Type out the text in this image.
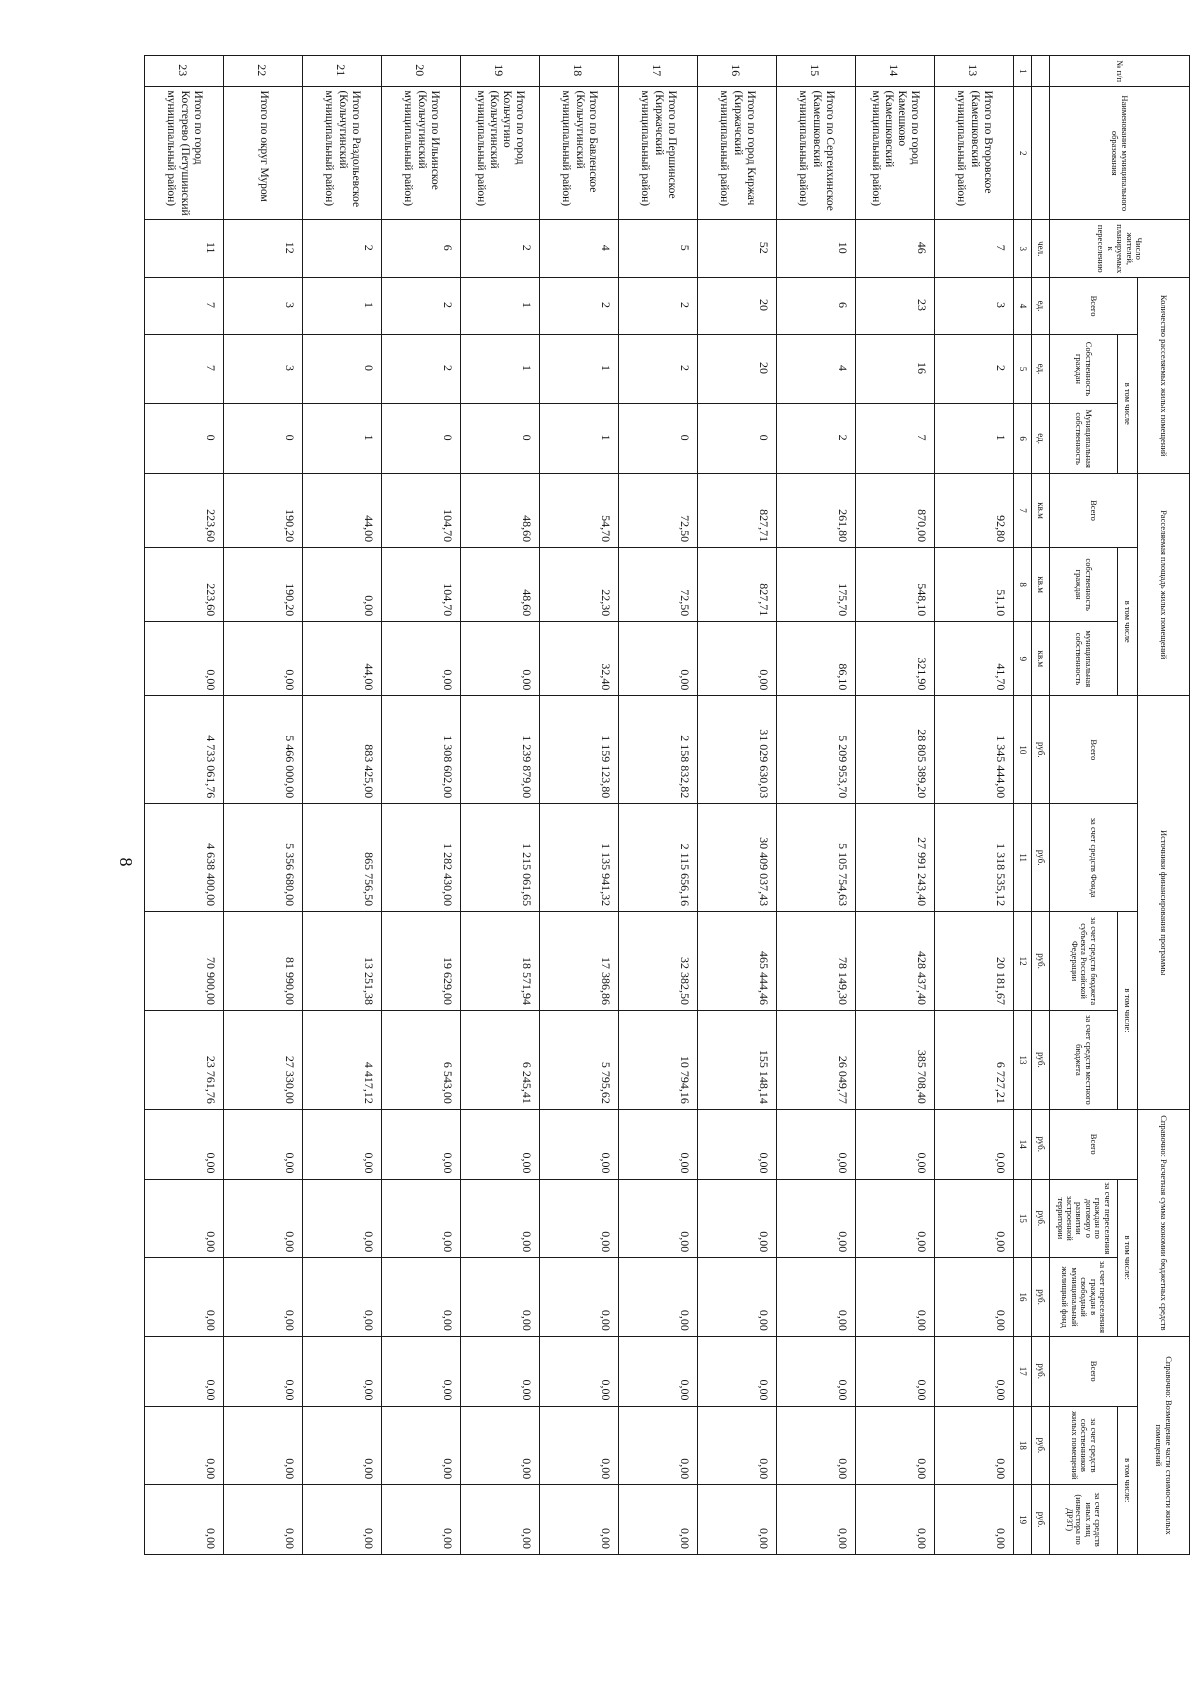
8
№ п/п	Наименование муниципального образования	Число жителей, планируемых к переселению	Количество расселяемых жилых помещений			Расселяемая площадь жилых помещений			Источники финансирования программы				Справочно: Расчетная сумма экономии бюджетных средств			Справочно: Возмещение части стоимости жилых помещений		
			Всего	в том числе		Всего	в том числе		Всего	за счет средств Фонда	в том числе:		Всего	в том числе:		Всего	в том числе:	
				Собственность граждан	Муниципальная собственность		собственность граждан	муниципальная собственность			за счет средств бюджета субъекта Российской Федерации	за счет средств местного бюджета		за счет переселения граждан по договору о развитии застроенной территории	за счет переселения граждан в свободный муниципальный жилищный фонд		за счет средств собственников жилых помещений	за счет средств иных лиц (инвестора по ДРЗТ)
		чел.	ед.	ед.	ед.	кв.м	кв.м	кв.м	руб.	руб.	руб.	руб.	руб.	руб.	руб.	руб.	руб.	руб.
1	2	3	4	5	6	7	8	9	10	11	12	13	14	15	16	17	18	19
13	Итого по Второвское (Камешковский муниципальный район)	7	3	2	1	92,80	51,10	41,70	1 345 444,00	1 318 535,12	20 181,67	6 727,21	0,00	0,00	0,00	0,00	0,00	0,00
14	Итого по город Камешково (Камешковский муниципальный район)	46	23	16	7	870,00	548,10	321,90	28 805 389,20	27 991 243,40	428 437,40	385 708,40	0,00	0,00	0,00	0,00	0,00	0,00
15	Итого по Сергеихинское (Камешковский муниципальный район)	10	6	4	2	261,80	175,70	86,10	5 209 953,70	5 105 754,63	78 149,30	26 049,77	0,00	0,00	0,00	0,00	0,00	0,00
16	Итого по город Киржач (Киржачский муниципальный район)	52	20	20	0	827,71	827,71	0,00	31 029 630,03	30 409 037,43	465 444,46	155 148,14	0,00	0,00	0,00	0,00	0,00	0,00
17	Итого по Першинское (Киржачский муниципальный район)	5	2	2	0	72,50	72,50	0,00	2 158 832,82	2 115 656,16	32 382,50	10 794,16	0,00	0,00	0,00	0,00	0,00	0,00
18	Итого по Бавленское (Кольчугинский муниципальный район)	4	2	1	1	54,70	22,30	32,40	1 159 123,80	1 135 941,32	17 386,86	5 795,62	0,00	0,00	0,00	0,00	0,00	0,00
19	Итого по город Кольчугино (Кольчугинский муниципальный район)	2	1	1	0	48,60	48,60	0,00	1 239 879,00	1 215 061,65	18 571,94	6 245,41	0,00	0,00	0,00	0,00	0,00	0,00
20	Итого по Ильинское (Кольчугинский муниципальный район)	6	2	2	0	104,70	104,70	0,00	1 308 602,00	1 282 430,00	19 629,00	6 543,00	0,00	0,00	0,00	0,00	0,00	0,00
21	Итого по Раздольевское (Кольчугинский муниципальный район)	2	1	0	1	44,00	0,00	44,00	883 425,00	865 756,50	13 251,38	4 417,12	0,00	0,00	0,00	0,00	0,00	0,00
22	Итого по округ Муром	12	3	3	0	190,20	190,20	0,00	5 466 000,00	5 356 680,00	81 990,00	27 330,00	0,00	0,00	0,00	0,00	0,00	0,00
23	Итого по город Костерево (Петушинский муниципальный район)	11	7	7	0	223,60	223,60	0,00	4 733 061,76	4 638 400,00	70 900,00	23 761,76	0,00	0,00	0,00	0,00	0,00	0,00
